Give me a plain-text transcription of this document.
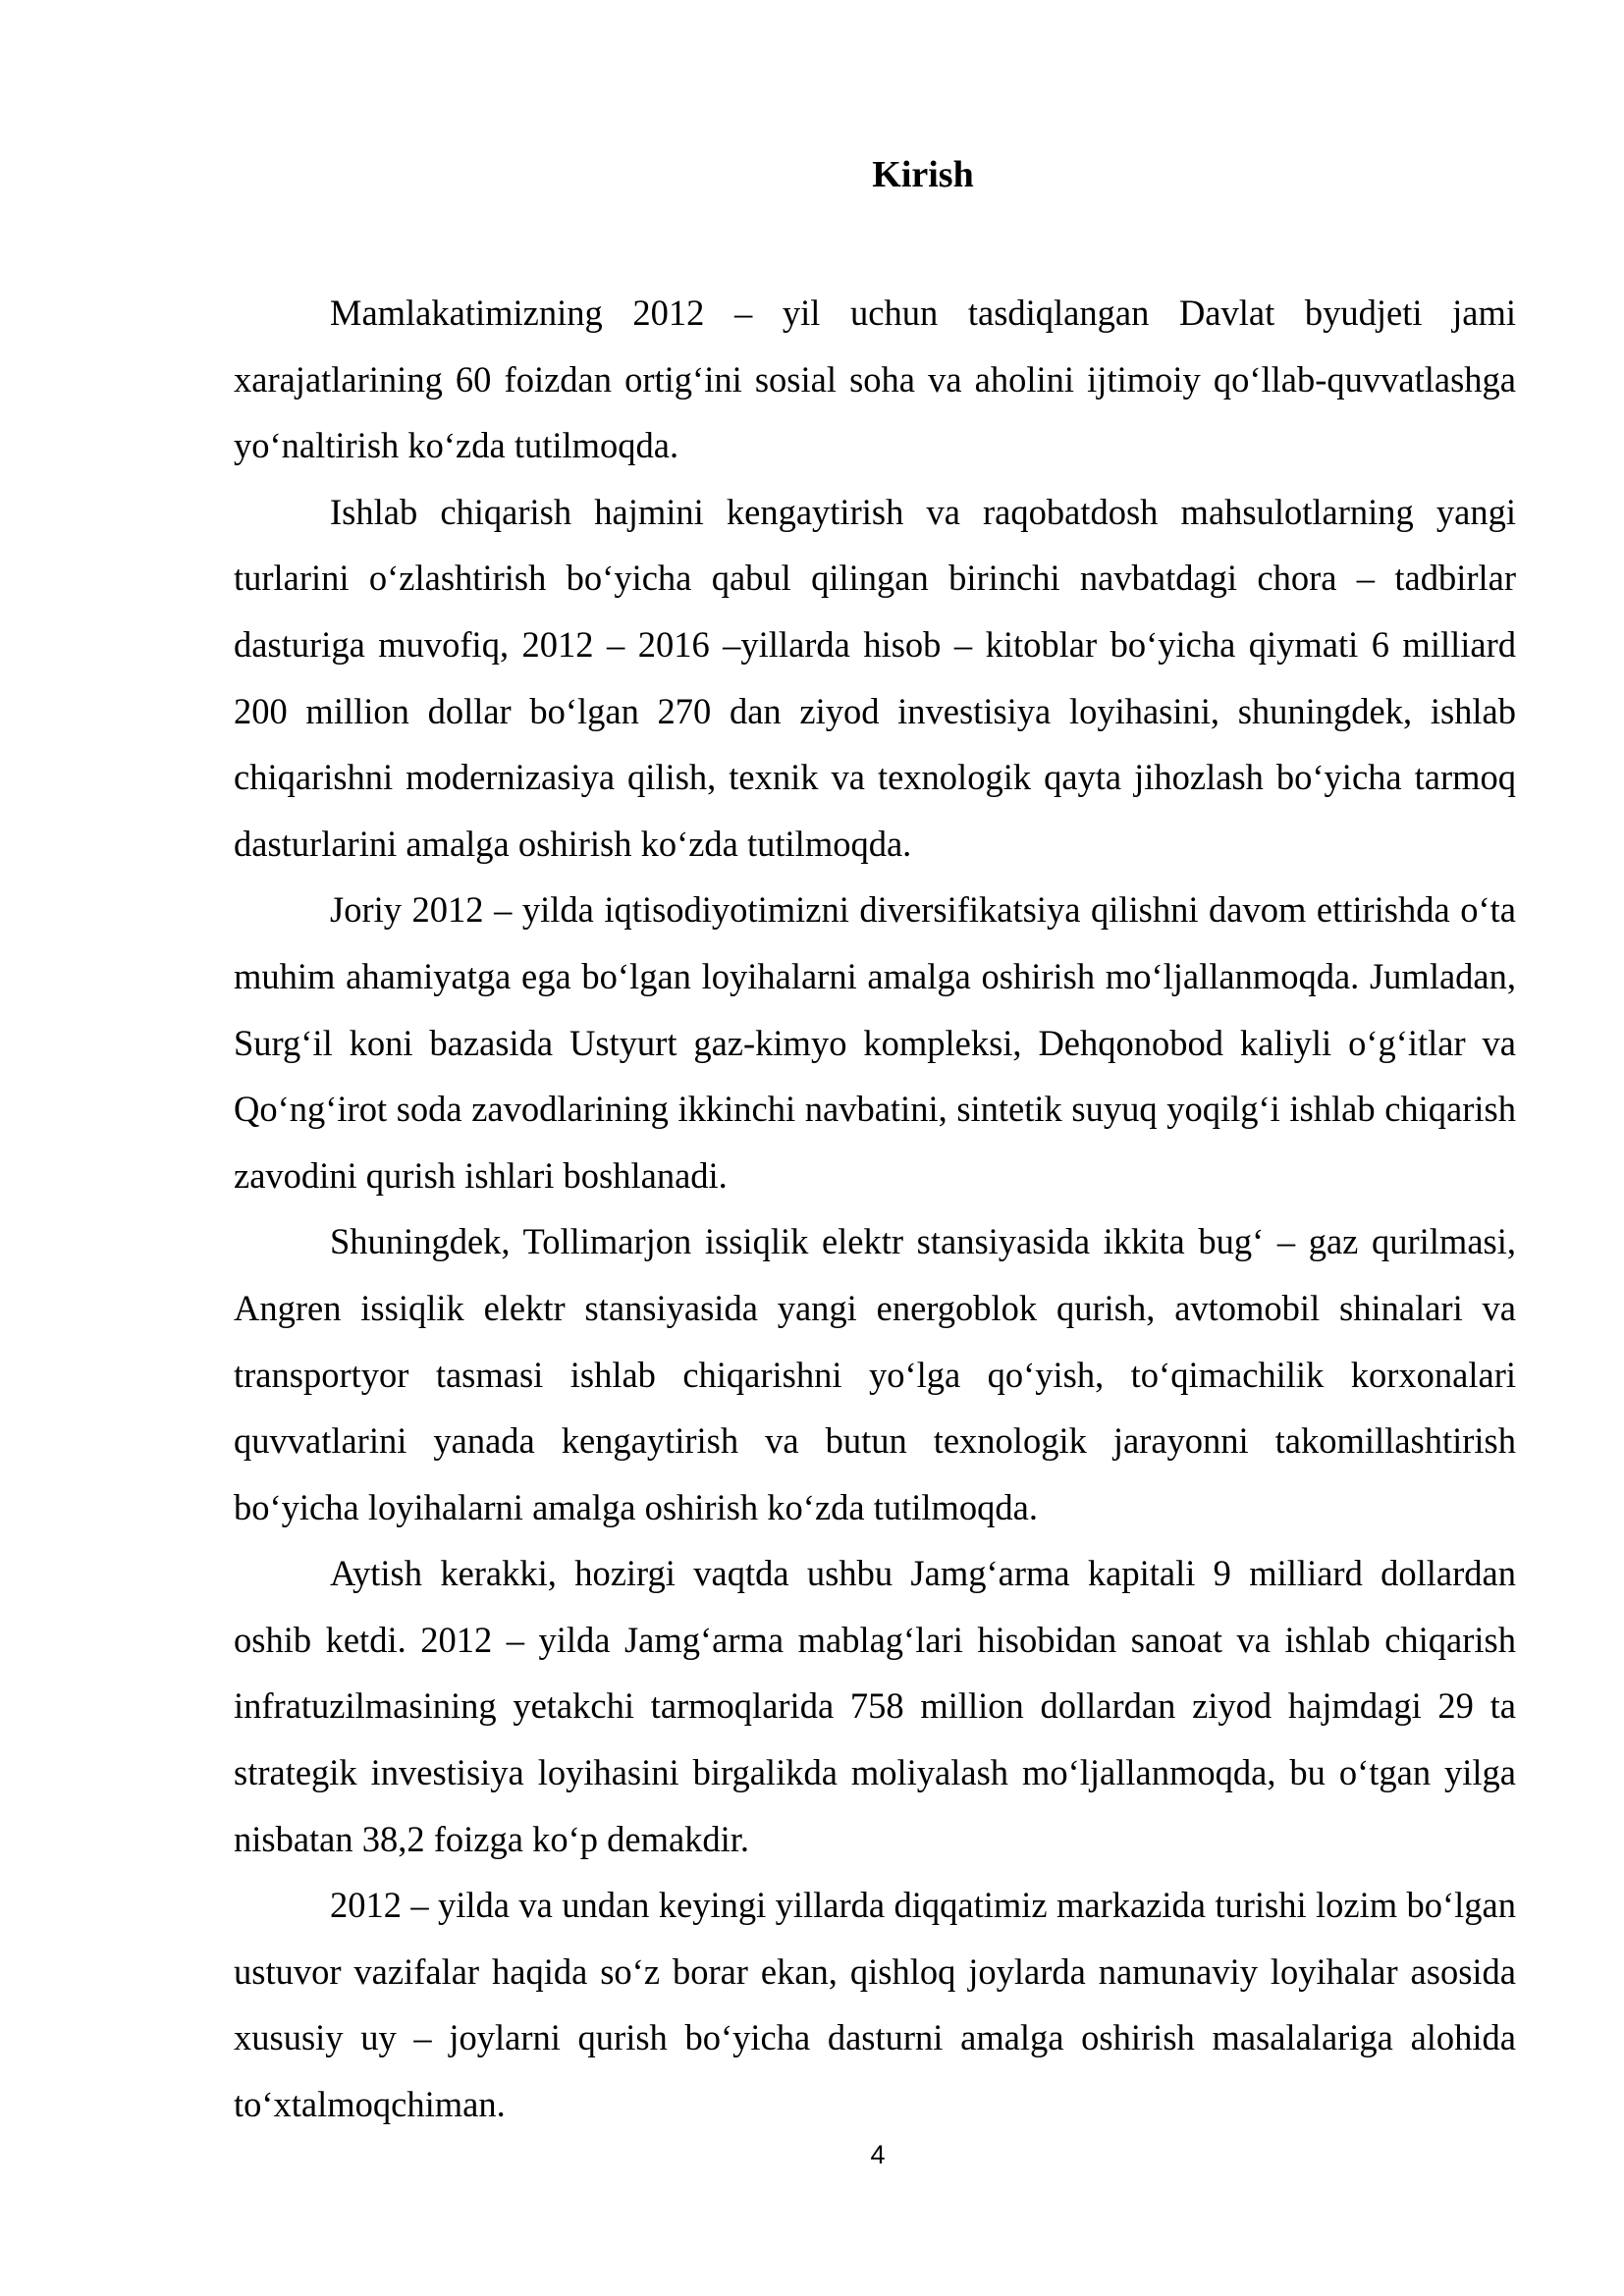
Kirish

Mamlakatimizning 2012 – yil uchun tasdiqlangan Davlat byudjeti jami xarajatlarining 60 foizdan ortig‘ini sosial soha va aholini ijtimoiy qo‘llab-quvvatlashga yo‘naltirish ko‘zda tutilmoqda.

Ishlab chiqarish hajmini kengaytirish va raqobatdosh mahsulotlarning yangi turlarini o‘zlashtirish bo‘yicha qabul qilingan birinchi navbatdagi chora – tadbirlar dasturiga muvofiq, 2012 – 2016 –yillarda hisob – kitoblar bo‘yicha qiymati 6 milliard 200 million dollar bo‘lgan 270 dan ziyod investisiya loyihasini, shuningdek, ishlab chiqarishni modernizasiya qilish, texnik va texnologik qayta jihozlash bo‘yicha tarmoq dasturlarini amalga oshirish ko‘zda tutilmoqda.

Joriy 2012 – yilda iqtisodiyotimizni diversifikatsiya qilishni davom ettirishda o‘ta muhim ahamiyatga ega bo‘lgan loyihalarni amalga oshirish mo‘ljallanmoqda. Jumladan, Surg‘il koni bazasida Ustyurt gaz-kimyo kompleksi, Dehqonobod kaliyli o‘g‘itlar va Qo‘ng‘irot soda zavodlarining ikkinchi navbatini, sintetik suyuq yoqilg‘i ishlab chiqarish zavodini qurish ishlari boshlanadi.

Shuningdek, Tollimarjon issiqlik elektr stansiyasida ikkita bug‘ – gaz qurilmasi, Angren issiqlik elektr stansiyasida yangi energoblok qurish, avtomobil shinalari va transportyor tasmasi ishlab chiqarishni yo‘lga qo‘yish, to‘qimachilik korxonalari quvvatlarini yanada kengaytirish va butun texnologik jarayonni takomillashtirish bo‘yicha loyihalarni amalga oshirish ko‘zda tutilmoqda.

Aytish kerakki, hozirgi vaqtda ushbu Jamg‘arma kapitali 9 milliard dollardan oshib ketdi. 2012 – yilda Jamg‘arma mablag‘lari hisobidan sanoat va ishlab chiqarish infratuzilmasining yetakchi tarmoqlarida 758 million dollardan ziyod hajmdagi 29 ta strategik investisiya loyihasini birgalikda moliyalash mo‘ljallanmoqda, bu o‘tgan yilga nisbatan 38,2 foizga ko‘p demakdir.

2012 – yilda va undan keyingi yillarda diqqatimiz markazida turishi lozim bo‘lgan ustuvor vazifalar haqida so‘z borar ekan, qishloq joylarda namunaviy loyihalar asosida xususiy uy – joylarni qurish bo‘yicha dasturni amalga oshirish masalalariga alohida to‘xtalmoqchiman.

4
